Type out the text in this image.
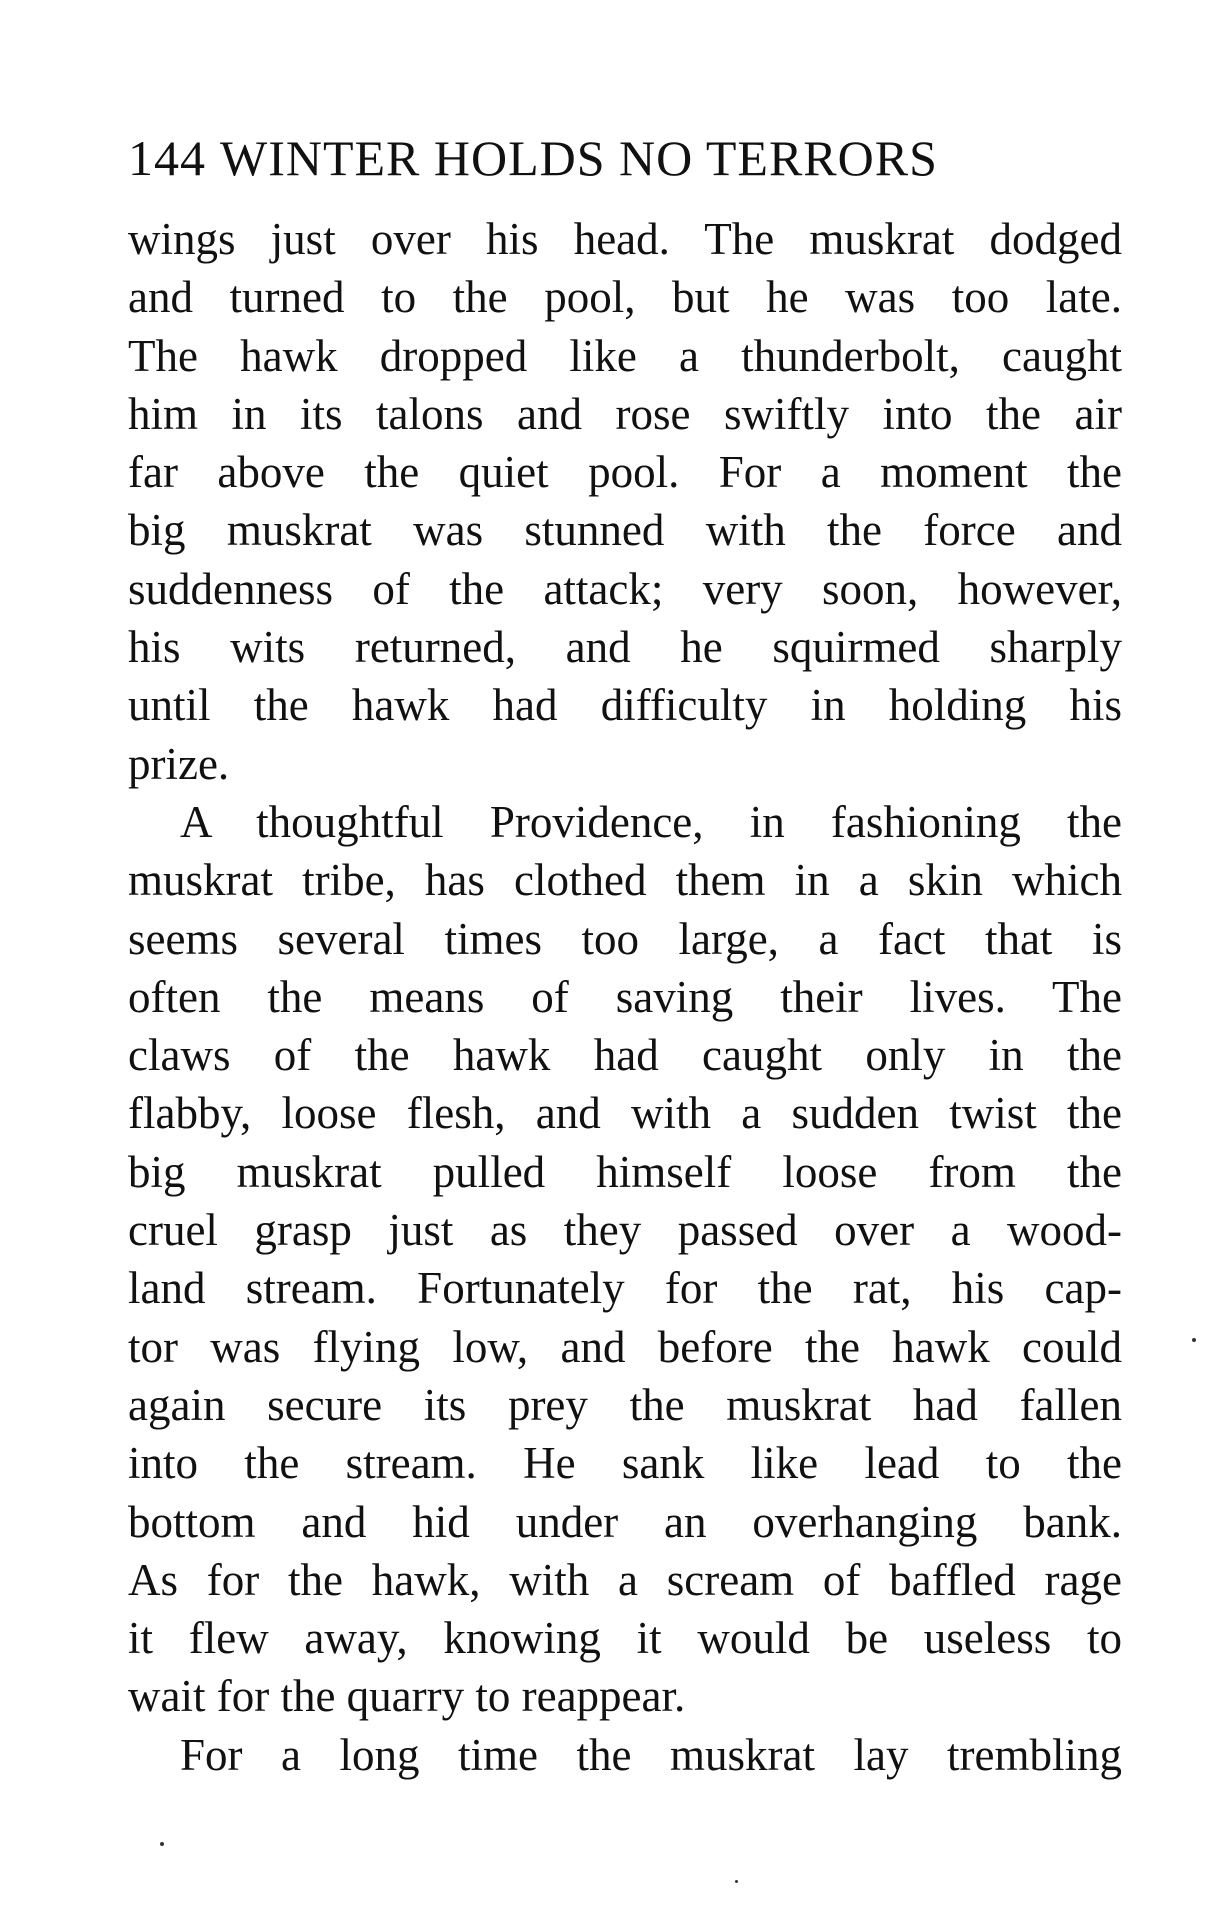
144 WINTER HOLDS NO TERRORS
wings just over his head. The muskrat dodged
and turned to the pool, but he was too late.
The hawk dropped like a thunderbolt, caught
him in its talons and rose swiftly into the air
far above the quiet pool. For a moment the
big muskrat was stunned with the force and
suddenness of the attack; very soon, however,
his wits returned, and he squirmed sharply
until the hawk had difficulty in holding his
prize.
A thoughtful Providence, in fashioning the
muskrat tribe, has clothed them in a skin which
seems several times too large, a fact that is
often the means of saving their lives. The
claws of the hawk had caught only in the
flabby, loose flesh, and with a sudden twist the
big muskrat pulled himself loose from the
cruel grasp just as they passed over a wood-
land stream. Fortunately for the rat, his cap-
tor was flying low, and before the hawk could
again secure its prey the muskrat had fallen
into the stream. He sank like lead to the
bottom and hid under an overhanging bank.
As for the hawk, with a scream of baffled rage
it flew away, knowing it would be useless to
wait for the quarry to reappear.
For a long time the muskrat lay trembling
